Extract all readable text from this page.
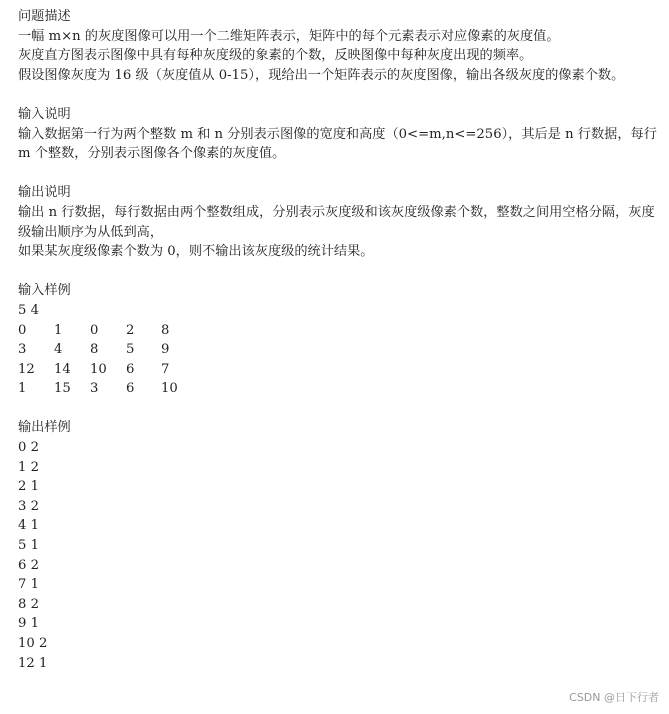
问题描述
一幅 m×n 的灰度图像可以用一个二维矩阵表示，矩阵中的每个元素表示对应像素的灰度值。
灰度直方图表示图像中具有每种灰度级的象素的个数，反映图像中每种灰度出现的频率。
假设图像灰度为 16 级（灰度值从 0-15），现给出一个矩阵表示的灰度图像，输出各级灰度的像素个数。
输入说明
输入数据第一行为两个整数 m 和 n 分别表示图像的宽度和高度（0<=m,n<=256），其后是 n 行数据，每行 m 个整数，分别表示图像各个像素的灰度值。
输出说明
输出 n 行数据，每行数据由两个整数组成，分别表示灰度级和该灰度级像素个数，整数之间用空格分隔，灰度级输出顺序为从低到高，
如果某灰度级像素个数为 0，则不输出该灰度级的统计结果。
输入样例
5 4
0	1	0	2	8
3	4	8	5	9
12	14	10	6	7
1	15	3	6	10
输出样例
0 2
1 2
2 1
3 2
4 1
5 1
6 2
7 1
8 2
9 1
10 2
12 1
CSDN @日下行者
